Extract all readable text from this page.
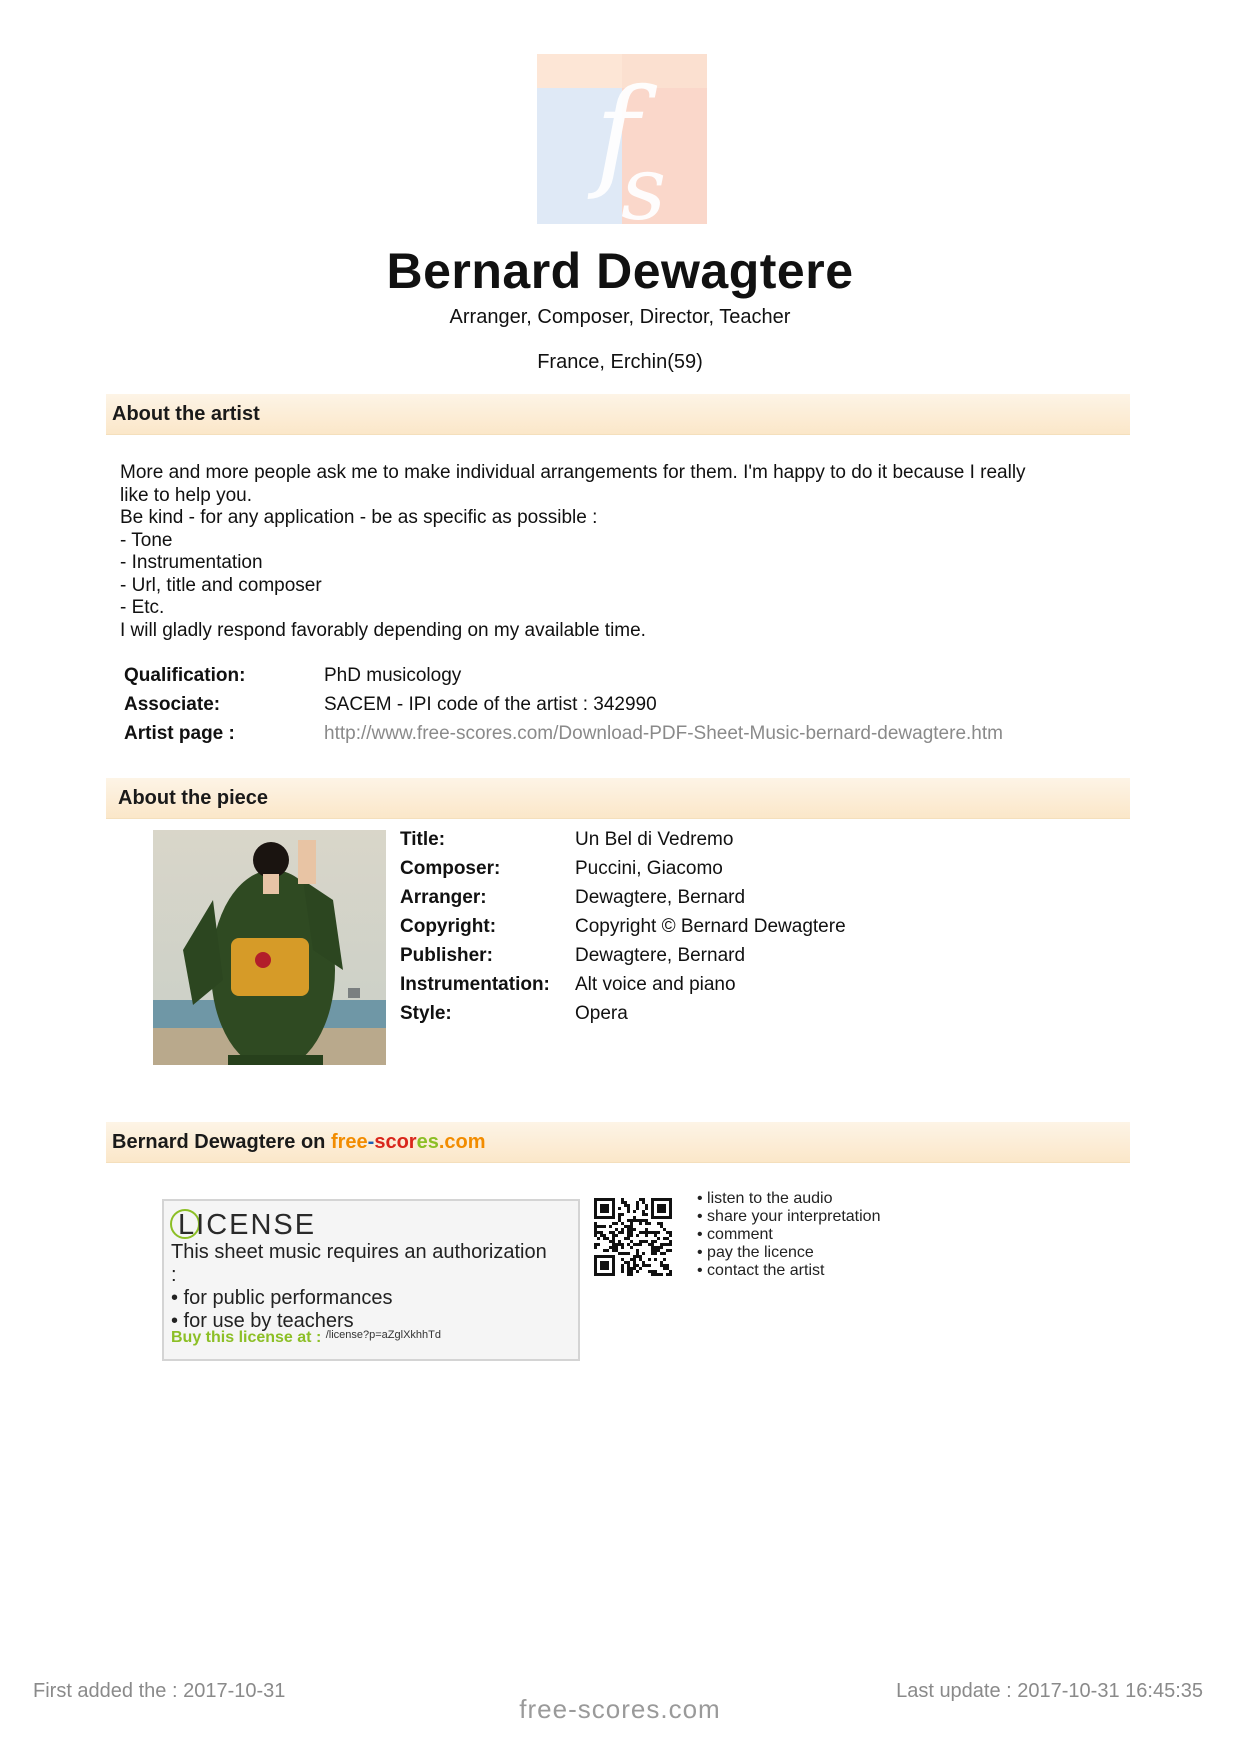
f
s
Bernard Dewagtere
Arranger, Composer, Director, Teacher
France, Erchin(59)
About the artist
More and more people ask me to make individual arrangements for them. I'm happy to do it because I really
like to help you.
Be kind - for any application - be as specific as possible :
- Tone
- Instrumentation
- Url, title and composer
- Etc.
I will gladly respond favorably depending on my available time.
Qualification:	PhD musicology
Associate:	SACEM - IPI code of the artist : 342990
Artist page :	http://www.free-scores.com/Download-PDF-Sheet-Music-bernard-dewagtere.htm
About the piece
Title:	Un Bel di Vedremo
Composer:	Puccini, Giacomo
Arranger:	Dewagtere, Bernard
Copyright:	Copyright © Bernard Dewagtere
Publisher:	Dewagtere, Bernard
Instrumentation: Alt voice and piano
Style:	Opera
Bernard Dewagtere on free-scores.com
LICENSE
This sheet music requires an authorization
:
• for public performances
• for use by teachers
Buy this license at : $^{/license?p=aZglXkhhTd}$
• listen to the audio
• share your interpretation
• comment
• pay the licence
• contact the artist
First added the : 2017-10-31
free-scores.com
Last update : 2017-10-31 16:45:35
